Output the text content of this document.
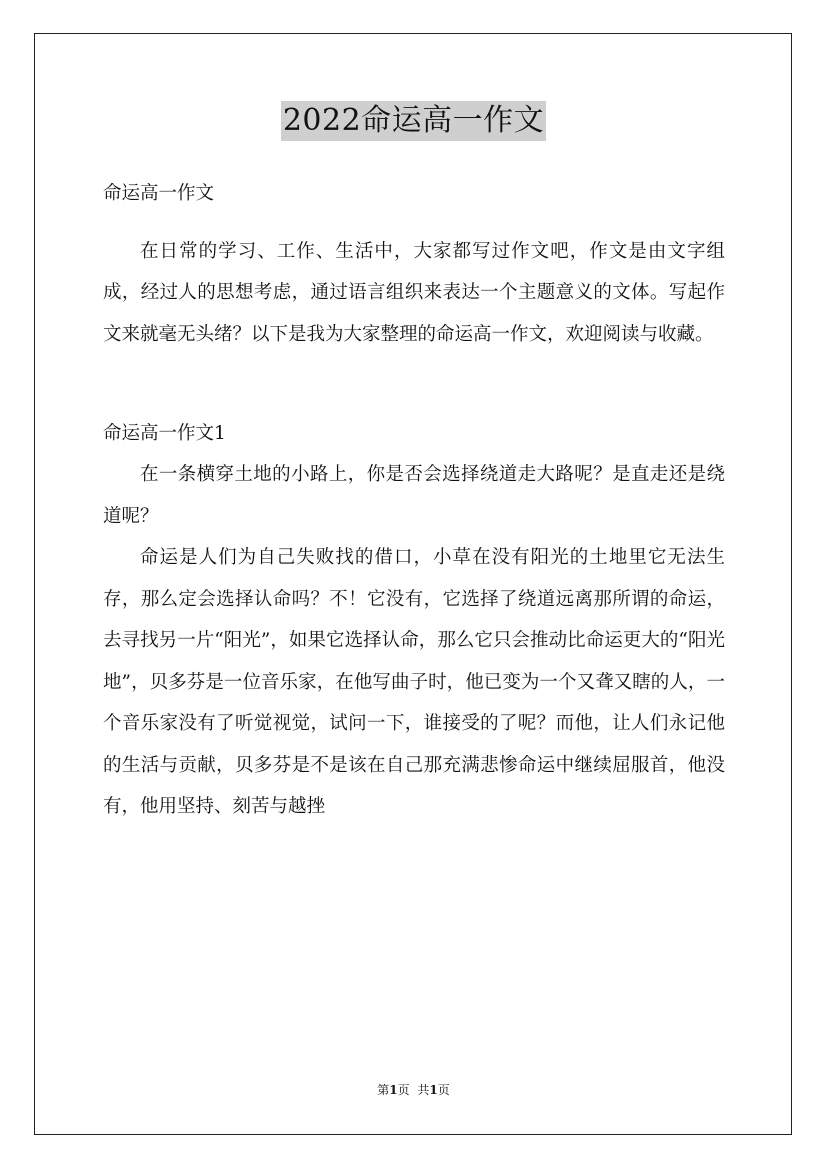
2022命运高一作文

命运高一作文

在日常的学习、工作、生活中，大家都写过作文吧，作文是由文字组成，经过人的思想考虑，通过语言组织来表达一个主题意义的文体。写起作文来就毫无头绪？以下是我为大家整理的命运高一作文，欢迎阅读与收藏。

命运高一作文1

在一条横穿土地的小路上，你是否会选择绕道走大路呢？是直走还是绕道呢？

命运是人们为自己失败找的借口，小草在没有阳光的土地里它无法生存，那么定会选择认命吗？不！它没有，它选择了绕道远离那所谓的命运，去寻找另一片“阳光”，如果它选择认命，那么它只会推动比命运更大的“阳光地”，贝多芬是一位音乐家，在他写曲子时，他已变为一个又聋又瞎的人，一个音乐家没有了听觉视觉，试问一下，谁接受的了呢？而他，让人们永记他的生活与贡献，贝多芬是不是该在自己那充满悲惨命运中继续屈服首，他没有，他用坚持、刻苦与越挫

第1页 共1页
